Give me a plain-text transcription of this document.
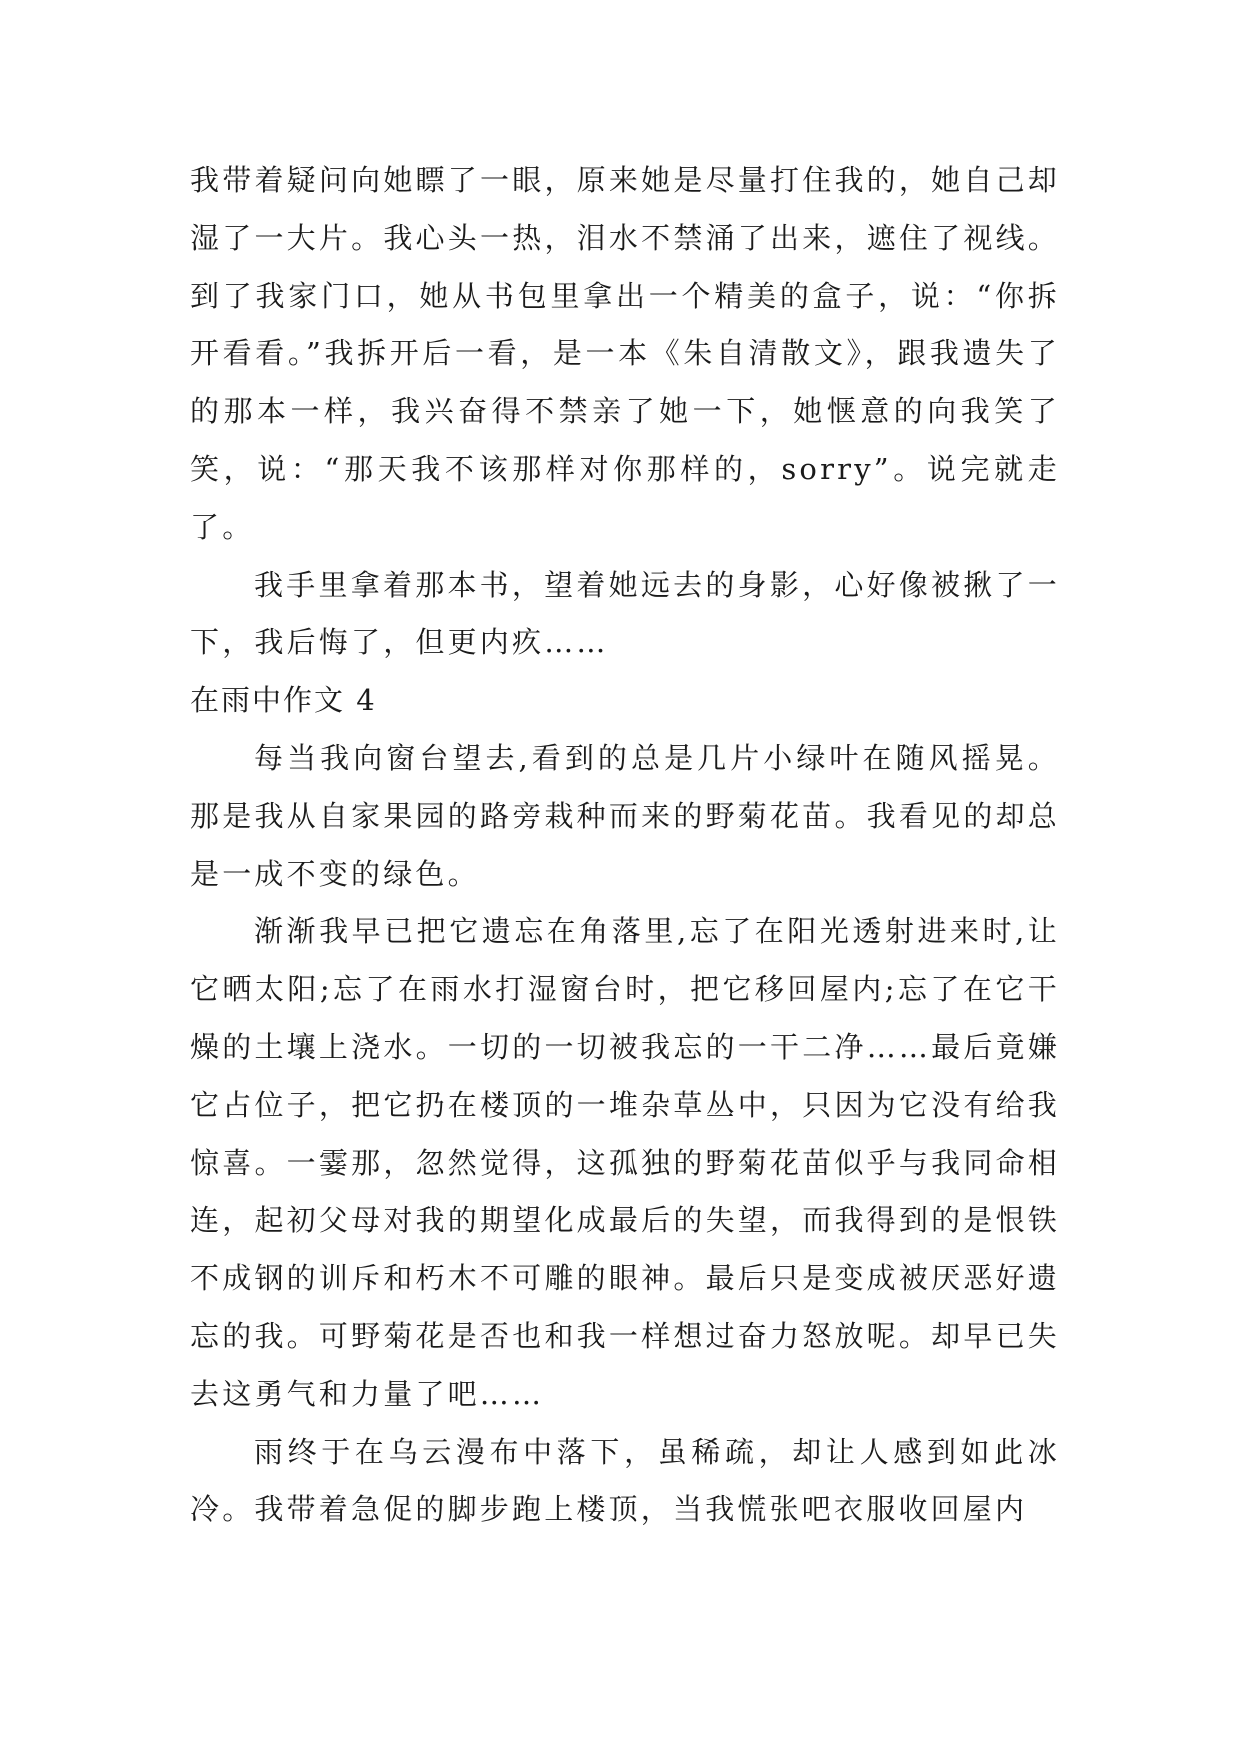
我带着疑问向她瞟了一眼，原来她是尽量打住我的，她自己却湿了一大片。我心头一热，泪水不禁涌了出来，遮住了视线。到了我家门口，她从书包里拿出一个精美的盒子，说：“你拆开看看。”我拆开后一看，是一本《朱自清散文》，跟我遗失了的那本一样，我兴奋得不禁亲了她一下，她惬意的向我笑了笑，说：“那天我不该那样对你那样的，sorry”。说完就走了。

我手里拿着那本书，望着她远去的身影，心好像被揪了一下，我后悔了，但更内疚……

在雨中作文 4

每当我向窗台望去,看到的总是几片小绿叶在随风摇晃。那是我从自家果园的路旁栽种而来的野菊花苗。我看见的却总是一成不变的绿色。

渐渐我早已把它遗忘在角落里,忘了在阳光透射进来时,让它晒太阳;忘了在雨水打湿窗台时，把它移回屋内;忘了在它干燥的土壤上浇水。一切的一切被我忘的一干二净……最后竟嫌它占位子，把它扔在楼顶的一堆杂草丛中，只因为它没有给我惊喜。一霎那，忽然觉得，这孤独的野菊花苗似乎与我同命相连，起初父母对我的期望化成最后的失望，而我得到的是恨铁不成钢的训斥和朽木不可雕的眼神。最后只是变成被厌恶好遗忘的我。可野菊花是否也和我一样想过奋力怒放呢。却早已失去这勇气和力量了吧……

雨终于在乌云漫布中落下，虽稀疏，却让人感到如此冰冷。我带着急促的脚步跑上楼顶，当我慌张吧衣服收回屋内
